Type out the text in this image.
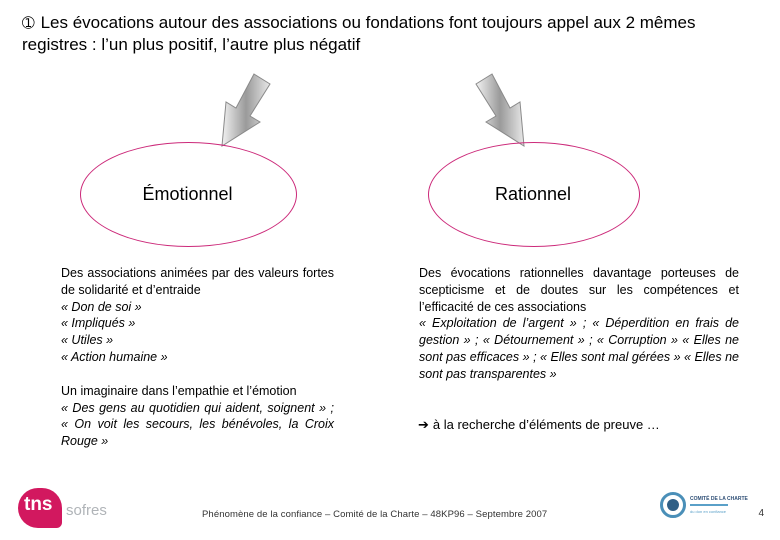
➀ Les évocations autour des associations ou fondations font toujours appel aux 2 mêmes registres : l’un plus positif, l’autre plus négatif
Émotionnel	Rationnel

Des associations animées par des valeurs fortes de solidarité et d’entraide

« Don de soi »

« Impliqués »

« Utiles »

« Action humaine »

Un imaginaire dans l’empathie et l’émotion

« Des gens au quotidien qui aident, soignent » ; « On voit les secours, les bénévoles, la Croix Rouge »

Des évocations rationnelles davantage porteuses de scepticisme et de doutes sur les compétences et l’efficacité de ces associations

« Exploitation de l’argent » ; « Déperdition en frais de gestion » ; « Détournement » ; « Corruption » « Elles ne sont pas efficaces » ; « Elles sont mal gérées » « Elles ne sont pas transparentes »

➔ à la recherche d’éléments de preuve …
tns sofres	Phénomène de la confiance – Comité de la Charte – 48KP96 – Septembre 2007
COMITÉ DE LA CHARTE
du don en confiance	4
